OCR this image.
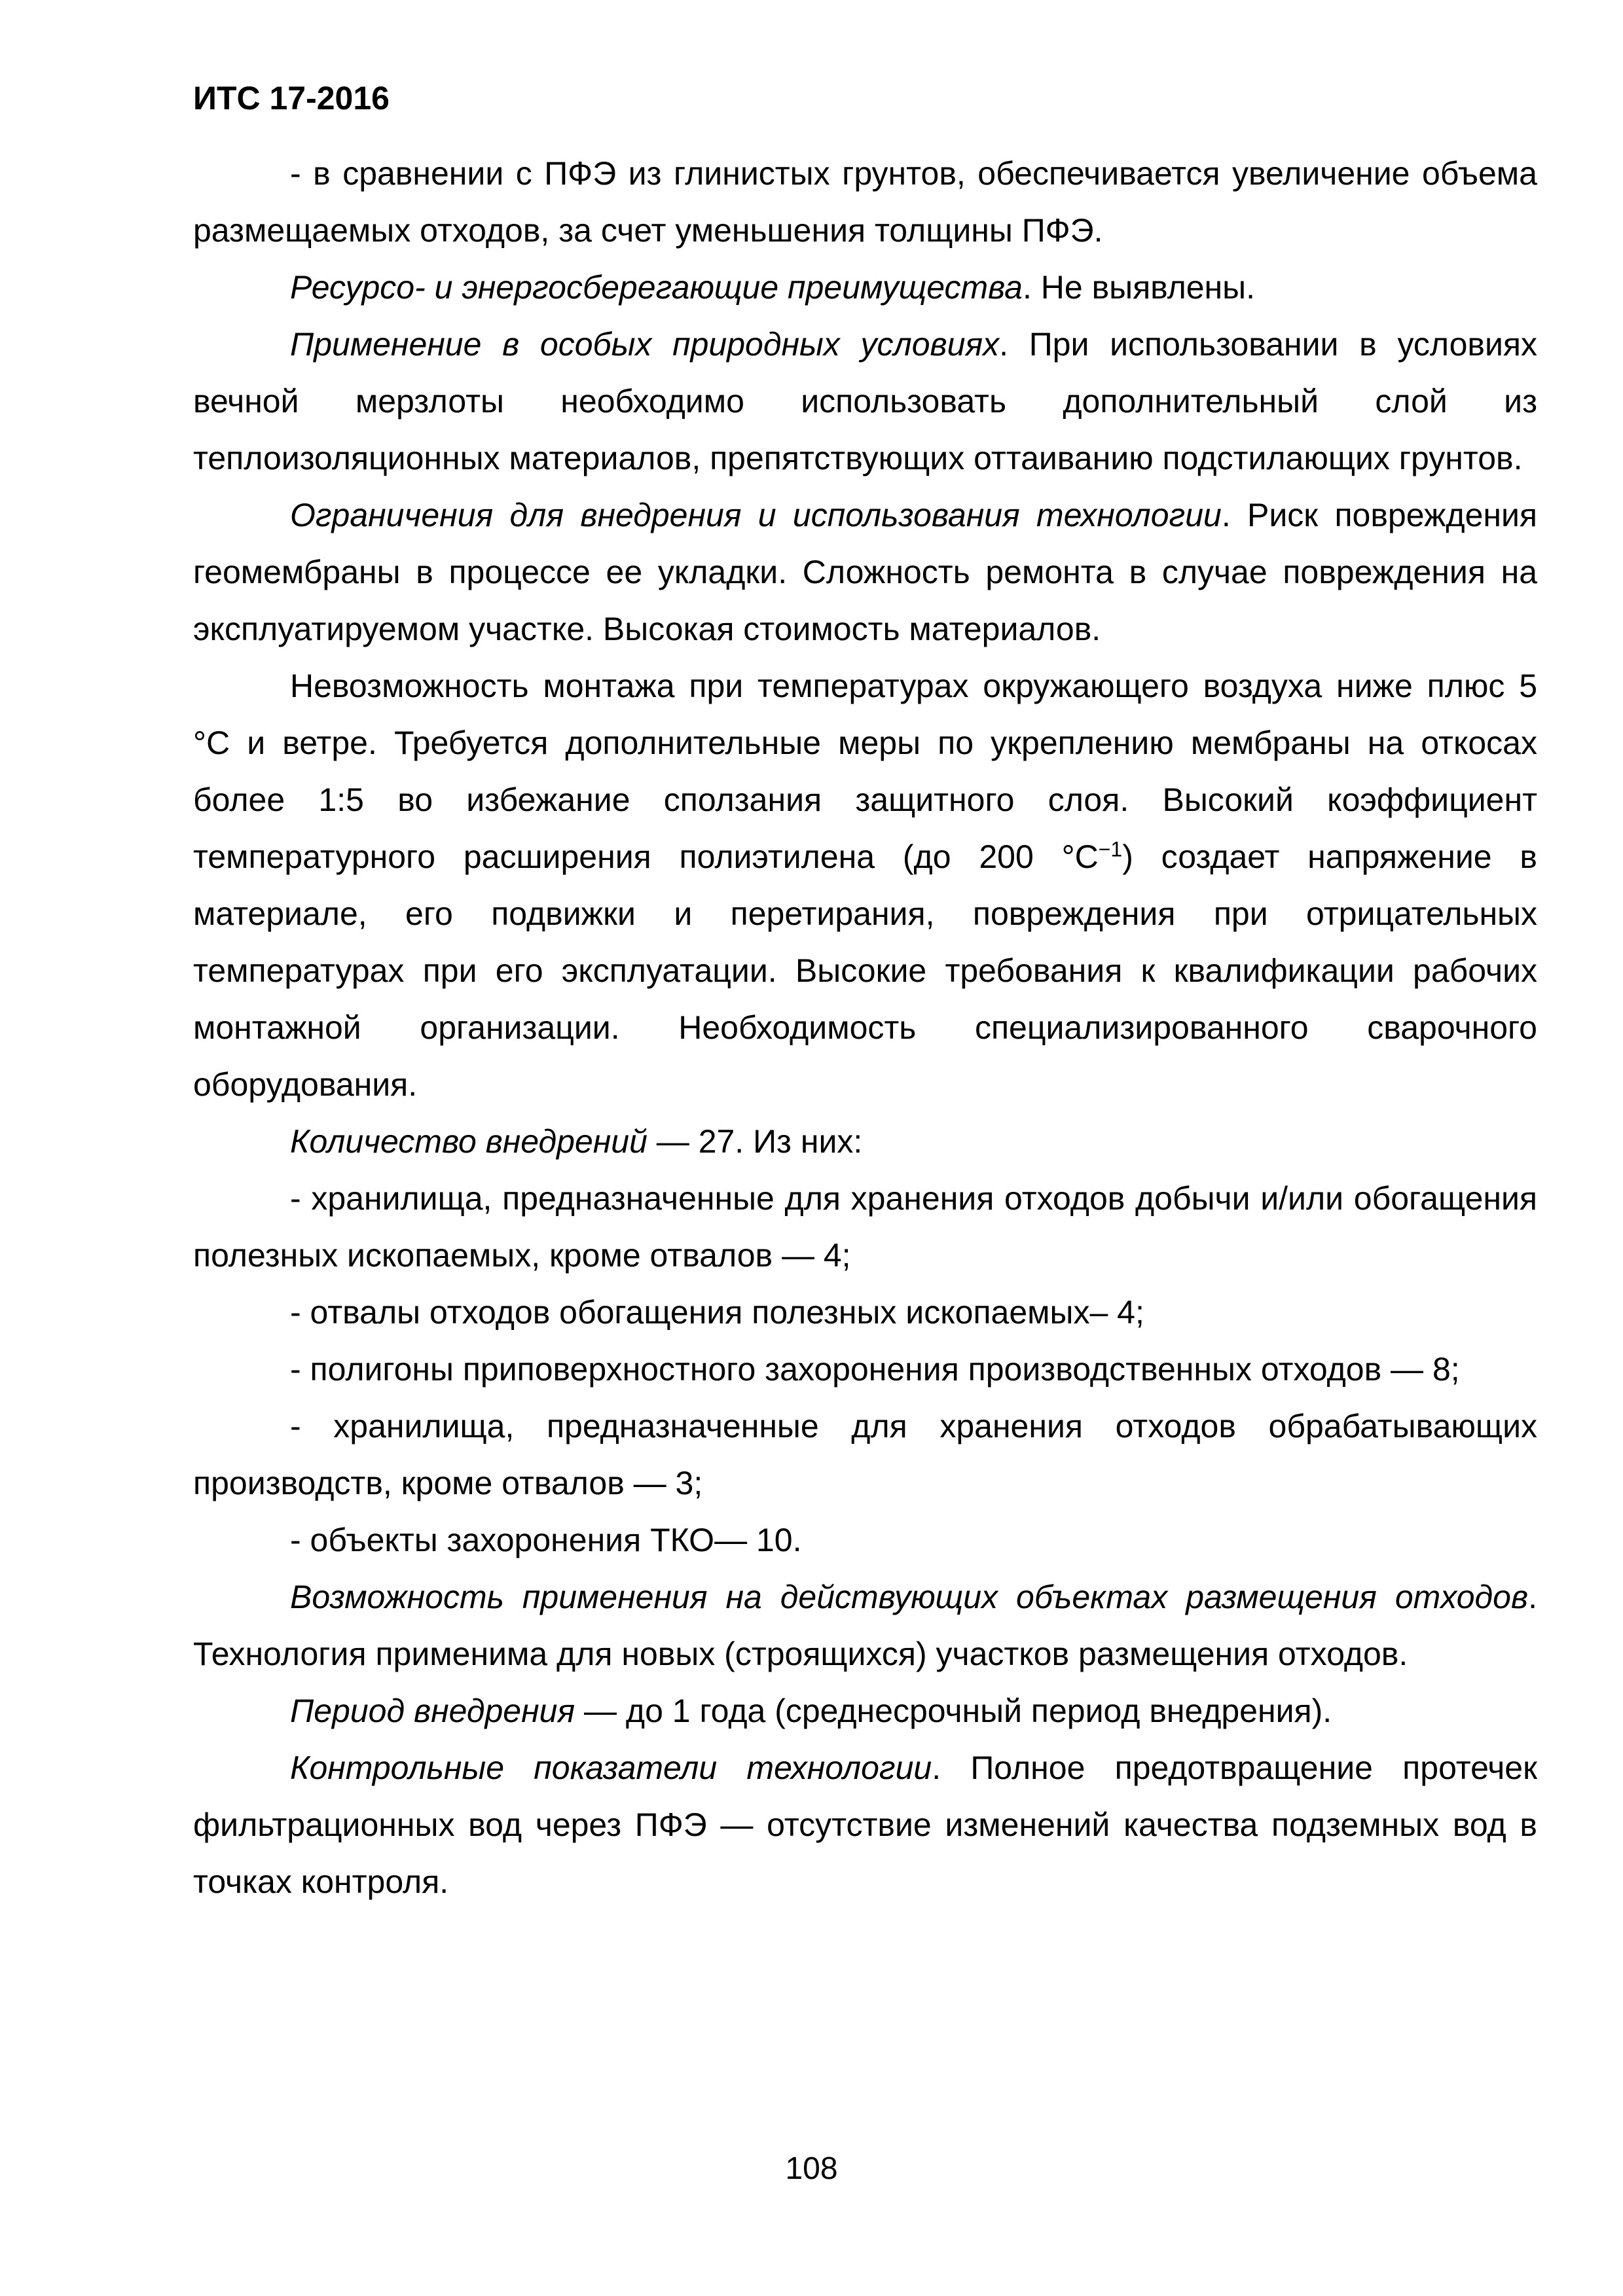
ИТС 17-2016

- в сравнении с ПФЭ из глинистых грунтов, обеспечивается увеличение объема размещаемых отходов, за счет уменьшения толщины ПФЭ.

Ресурсо- и энергосберегающие преимущества. Не выявлены.

Применение в особых природных условиях. При использовании в условиях вечной мерзлоты необходимо использовать дополнительный слой из теплоизоляционных материалов, препятствующих оттаиванию подстилающих грунтов.

Ограничения для внедрения и использования технологии. Риск повреждения геомембраны в процессе ее укладки. Сложность ремонта в случае повреждения на эксплуатируемом участке. Высокая стоимость материалов.

Невозможность монтажа при температурах окружающего воздуха ниже плюс 5 °С и ветре. Требуется дополнительные меры по укреплению мембраны на откосах более 1:5 во избежание сползания защитного слоя. Высокий коэффициент температурного расширения полиэтилена (до 200 $^\circ С^{-1}$) создает напряжение в материале, его подвижки и перетирания, повреждения при отрицательных температурах при его эксплуатации. Высокие требования к квалификации рабочих монтажной организации. Необходимость специализированного сварочного оборудования.

Количество внедрений — 27. Из них:

- хранилища, предназначенные для хранения отходов добычи и/или обогащения полезных ископаемых, кроме отвалов — 4;

- отвалы отходов обогащения полезных ископаемых– 4;

- полигоны приповерхностного захоронения производственных отходов — 8;

- хранилища, предназначенные для хранения отходов обрабатывающих производств, кроме отвалов — 3;

- объекты захоронения ТКО— 10.

Возможность применения на действующих объектах размещения отходов. Технология применима для новых (строящихся) участков размещения отходов.

Период внедрения — до 1 года (среднесрочный период внедрения).

Контрольные показатели технологии. Полное предотвращение протечек фильтрационных вод через ПФЭ — отсутствие изменений качества подземных вод в точках контроля.

108
